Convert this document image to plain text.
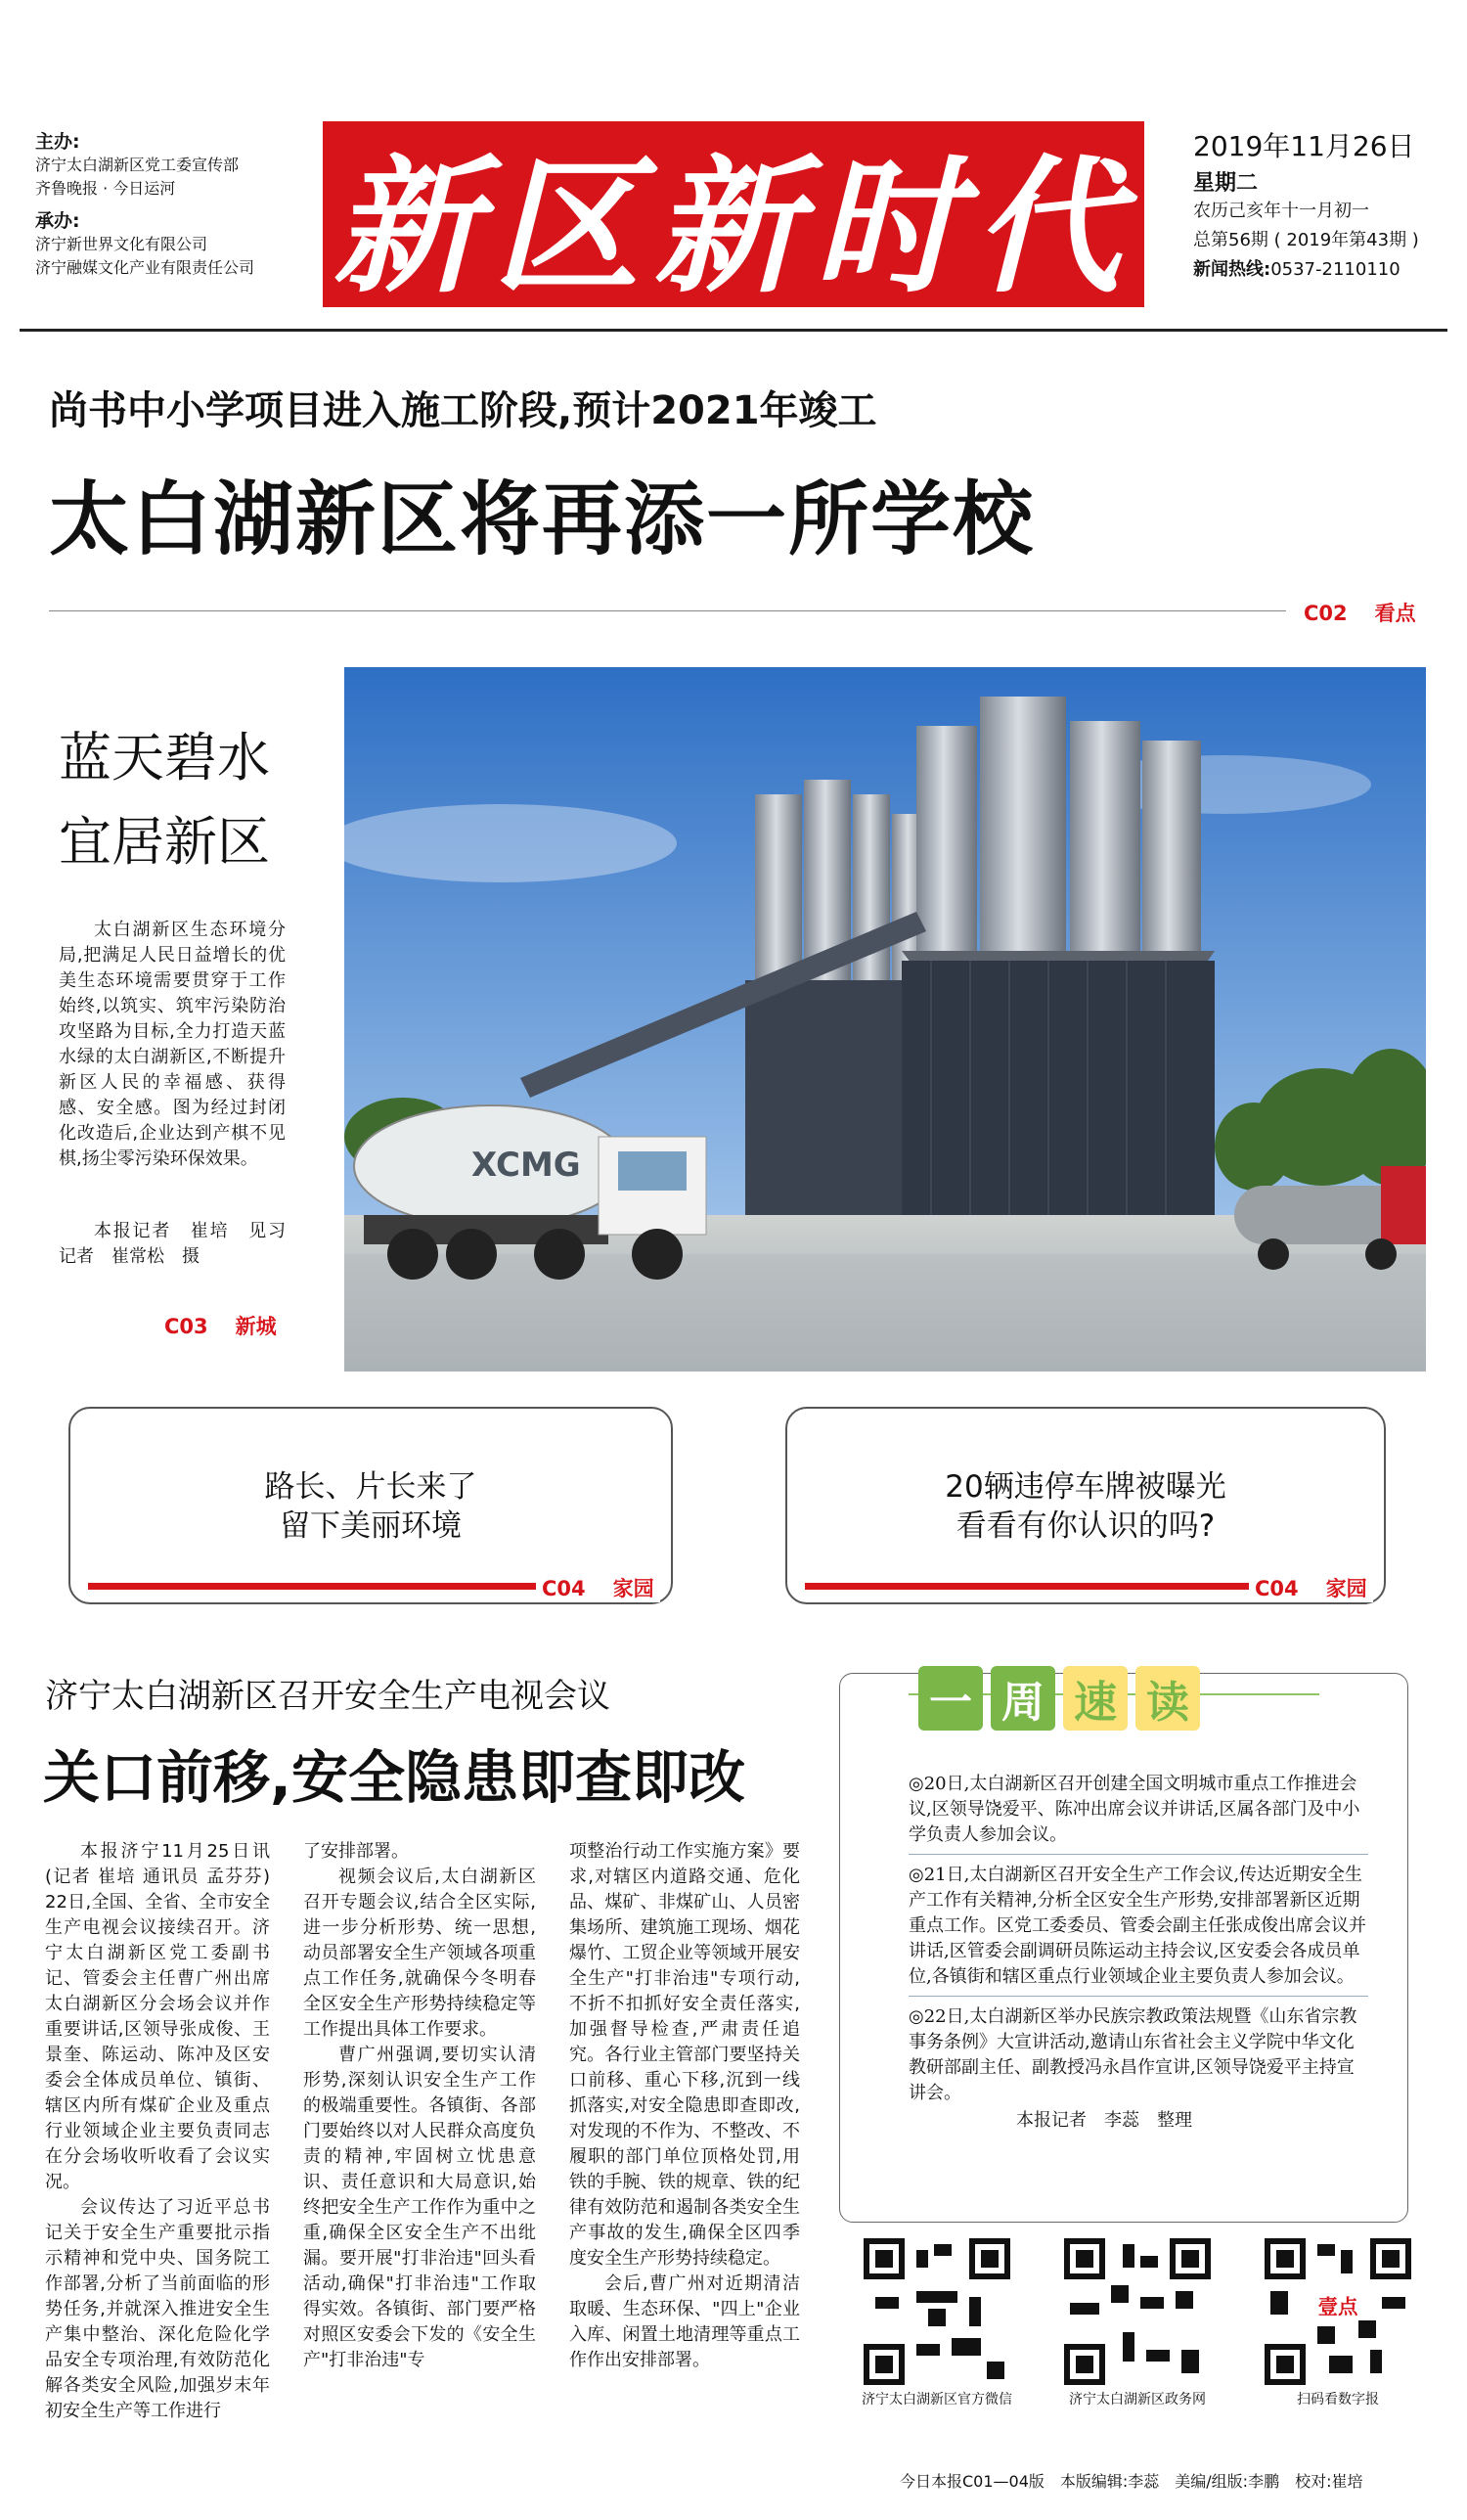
主办:
济宁太白湖新区党工委宣传部
齐鲁晚报 · 今日运河
承办:
济宁新世界文化有限公司
济宁融媒文化产业有限责任公司 新区新时代	2019年11月26日
星期二
农历己亥年十一月初一
总第56期 ( 2019年第43期 )
新闻热线:0537-2110110
尚书中小学项目进入施工阶段,预计2021年竣工
太白湖新区将再添一所学校
C02 看点
蓝天碧水
宜居新区
太白湖新区生态环境分局,把满足人民日益增长的优美生态环境需要贯穿于工作始终,以筑实、筑牢污染防治攻坚路为目标,全力打造天蓝水绿的太白湖新区,不断提升新区人民的幸福感、获得感、安全感。图为经过封闭化改造后,企业达到产棋不见棋,扬尘零污染环保效果。
本报记者　崔培　见习记者　崔常松　摄
C03 新城
XCMG
路长、片长来了
留下美丽环境
C04 家园
20辆违停车牌被曝光
看看有你认识的吗?
C04 家园
济宁太白湖新区召开安全生产电视会议
关口前移,安全隐患即查即改

本报济宁11月25日讯(记者 崔培 通讯员 孟芬芬) 22日,全国、全省、全市安全生产电视会议接续召开。济宁太白湖新区党工委副书记、管委会主任曹广州出席太白湖新区分会场会议并作重要讲话,区领导张成俊、王景奎、陈运动、陈冲及区安委会全体成员单位、镇街、辖区内所有煤矿企业及重点行业领域企业主要负责同志在分会场收听收看了会议实况。

会议传达了习近平总书记关于安全生产重要批示指示精神和党中央、国务院工作部署,分析了当前面临的形势任务,并就深入推进安全生产集中整治、深化危险化学品安全专项治理,有效防范化解各类安全风险,加强岁末年初安全生产等工作进行

了安排部署。

视频会议后,太白湖新区召开专题会议,结合全区实际,进一步分析形势、统一思想,动员部署安全生产领域各项重点工作任务,就确保今冬明春全区安全生产形势持续稳定等工作提出具体工作要求。

曹广州强调,要切实认清形势,深刻认识安全生产工作的极端重要性。各镇街、各部门要始终以对人民群众高度负责的精神,牢固树立忧患意识、责任意识和大局意识,始终把安全生产工作作为重中之重,确保全区安全生产不出纰漏。要开展"打非治违"回头看活动,确保"打非治违"工作取得实效。各镇街、部门要严格对照区安委会下发的《安全生产"打非治违"专

项整治行动工作实施方案》要求,对辖区内道路交通、危化品、煤矿、非煤矿山、人员密集场所、建筑施工现场、烟花爆竹、工贸企业等领域开展安全生产"打非治违"专项行动,不折不扣抓好安全责任落实,加强督导检查,严肃责任追究。各行业主管部门要坚持关口前移、重心下移,沉到一线抓落实,对安全隐患即查即改,对发现的不作为、不整改、不履职的部门单位顶格处罚,用铁的手腕、铁的规章、铁的纪律有效防范和遏制各类安全生产事故的发生,确保全区四季度安全生产形势持续稳定。

会后,曹广州对近期清洁取暖、生态环保、"四上"企业入库、闲置土地清理等重点工作作出安排部署。

一 周 速 读
◎20日,太白湖新区召开创建全国文明城市重点工作推进会议,区领导饶爱平、陈冲出席会议并讲话,区属各部门及中小学负责人参加会议。
◎21日,太白湖新区召开安全生产工作会议,传达近期安全生产工作有关精神,分析全区安全生产形势,安排部署新区近期重点工作。区党工委委员、管委会副主任张成俊出席会议并讲话,区管委会副调研员陈运动主持会议,区安委会各成员单位,各镇街和辖区重点行业领域企业主要负责人参加会议。
◎22日,太白湖新区举办民族宗教政策法规暨《山东省宗教事务条例》大宣讲活动,邀请山东省社会主义学院中华文化教研部副主任、副教授冯永昌作宣讲,区领导饶爱平主持宣讲会。
本报记者　李蕊　整理
济宁太白湖新区官方微信	济宁太白湖新区政务网
壹点
扫码看数字报
今日本报C01—04版　本版编辑:李蕊　美编/组版:李鹏　校对:崔培
